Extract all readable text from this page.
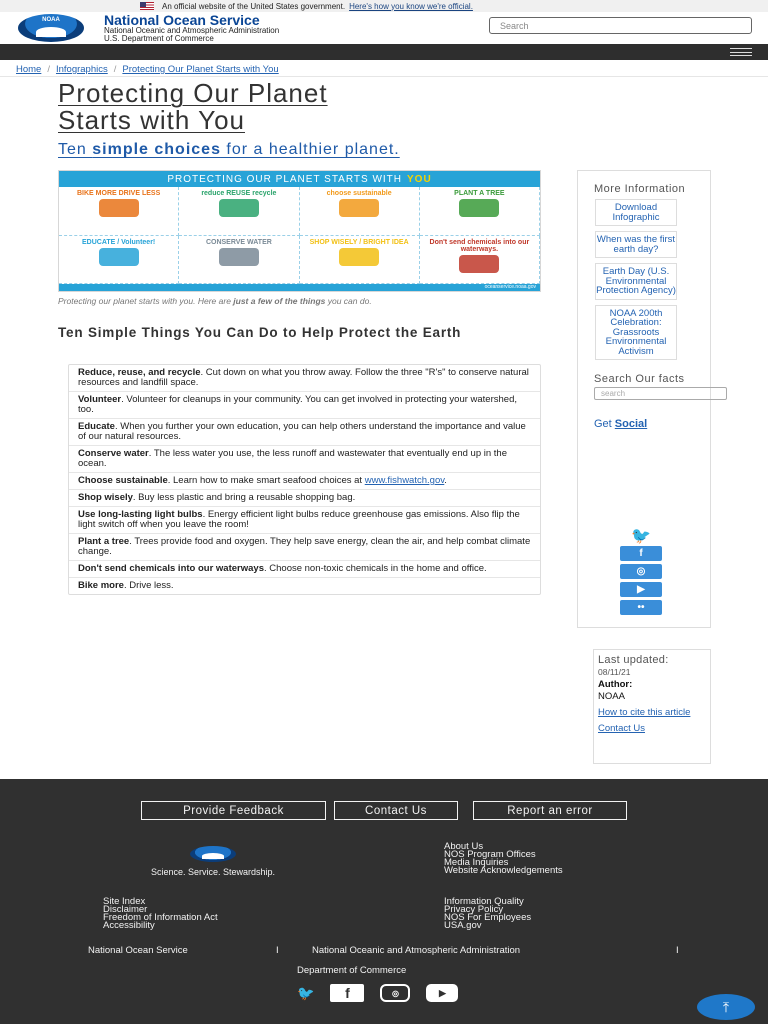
An official website of the United States government. Here's how you know we're official.
NOAA	National Ocean Service
National Oceanic and Atmospheric Administration
U.S. Department of Commerce
Search
Home / Infographics / Protecting Our Planet Starts with You
Protecting Our Planet
Starts with You
Ten simple choices for a healthier planet.
PROTECTING OUR PLANET STARTS WITH YOU
BIKE MORE DRIVE LESS	reduce REUSE recycle	choose sustainable	PLANT A TREE
EDUCATE / Volunteer!	CONSERVE WATER	SHOP WISELY / BRIGHT IDEA	Don't send chemicals into our waterways.
oceanservice.noaa.gov
Protecting our planet starts with you. Here are just a few of the things you can do.
Ten Simple Things You Can Do to Help Protect the Earth
Reduce, reuse, and recycle. Cut down on what you throw away. Follow the three "R's" to conserve natural resources and landfill space.
Volunteer. Volunteer for cleanups in your community. You can get involved in protecting your watershed, too.
Educate. When you further your own education, you can help others understand the importance and value of our natural resources.
Conserve water. The less water you use, the less runoff and wastewater that eventually end up in the ocean.
Choose sustainable. Learn how to make smart seafood choices at www.fishwatch.gov.
Shop wisely. Buy less plastic and bring a reusable shopping bag.
Use long-lasting light bulbs. Energy efficient light bulbs reduce greenhouse gas emissions. Also flip the light switch off when you leave the room!
Plant a tree. Trees provide food and oxygen. They help save energy, clean the air, and help combat climate change.
Don't send chemicals into our waterways. Choose non-toxic chemicals in the home and office.
Bike more. Drive less.
More Information
Download Infographic
When was the first earth day?
Earth Day (U.S. Environmental Protection Agency)
NOAA 200th Celebration: Grassroots Environmental Activism
Search Our facts
search
Get Social
🐦
f
◎
▶
••
Last updated:
08/11/21
Author:
NOAA
How to cite this article
Contact Us
Provide Feedback	Contact Us	Report an error
Science. Service. Stewardship.
About Us
NOS Program Offices
Media Inquiries
Website Acknowledgements
Site Index
Disclaimer
Freedom of Information Act
Accessibility
Information Quality
Privacy Policy
NOS For Employees
USA.gov
National Ocean Service	I	National Oceanic and Atmospheric Administration	I
Department of Commerce
🐦	f	◎	▶
⤒
